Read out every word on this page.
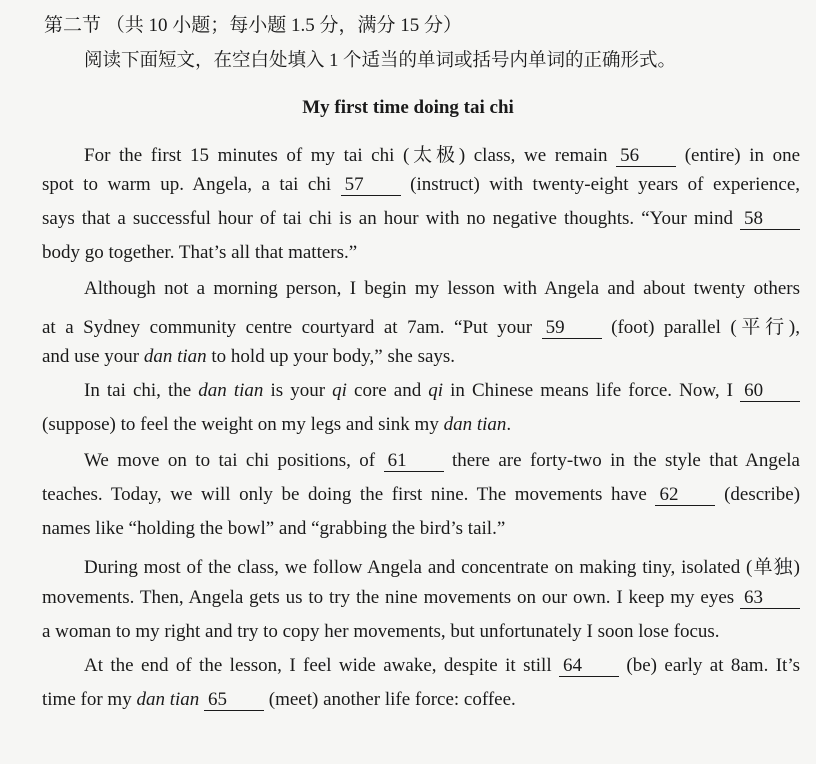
第二节 （共 10 小题；每小题 1.5 分，满分 15 分）
阅读下面短文，在空白处填入 1 个适当的单词或括号内单词的正确形式。
My first time doing tai chi
For the first 15 minutes of my tai chi (太极) class, we remain 56 (entire) in one
spot to warm up. Angela, a tai chi 57 (instruct) with twenty-eight years of experience,
says that a successful hour of tai chi is an hour with no negative thoughts. “Your mind 58
body go together. That’s all that matters.”
Although not a morning person, I begin my lesson with Angela and about twenty others
at a Sydney community centre courtyard at 7am. “Put your 59 (foot) parallel (平行),
and use your dan tian to hold up your body,” she says.
In tai chi, the dan tian is your qi core and qi in Chinese means life force. Now, I 60
(suppose) to feel the weight on my legs and sink my dan tian.
We move on to tai chi positions, of 61 there are forty-two in the style that Angela
teaches. Today, we will only be doing the first nine. The movements have 62 (describe)
names like “holding the bowl” and “grabbing the bird’s tail.”
During most of the class, we follow Angela and concentrate on making tiny, isolated (单独)
movements. Then, Angela gets us to try the nine movements on our own. I keep my eyes 63
a woman to my right and try to copy her movements, but unfortunately I soon lose focus.
At the end of the lesson, I feel wide awake, despite it still 64 (be) early at 8am. It’s
time for my dan tian 65 (meet) another life force: coffee.
